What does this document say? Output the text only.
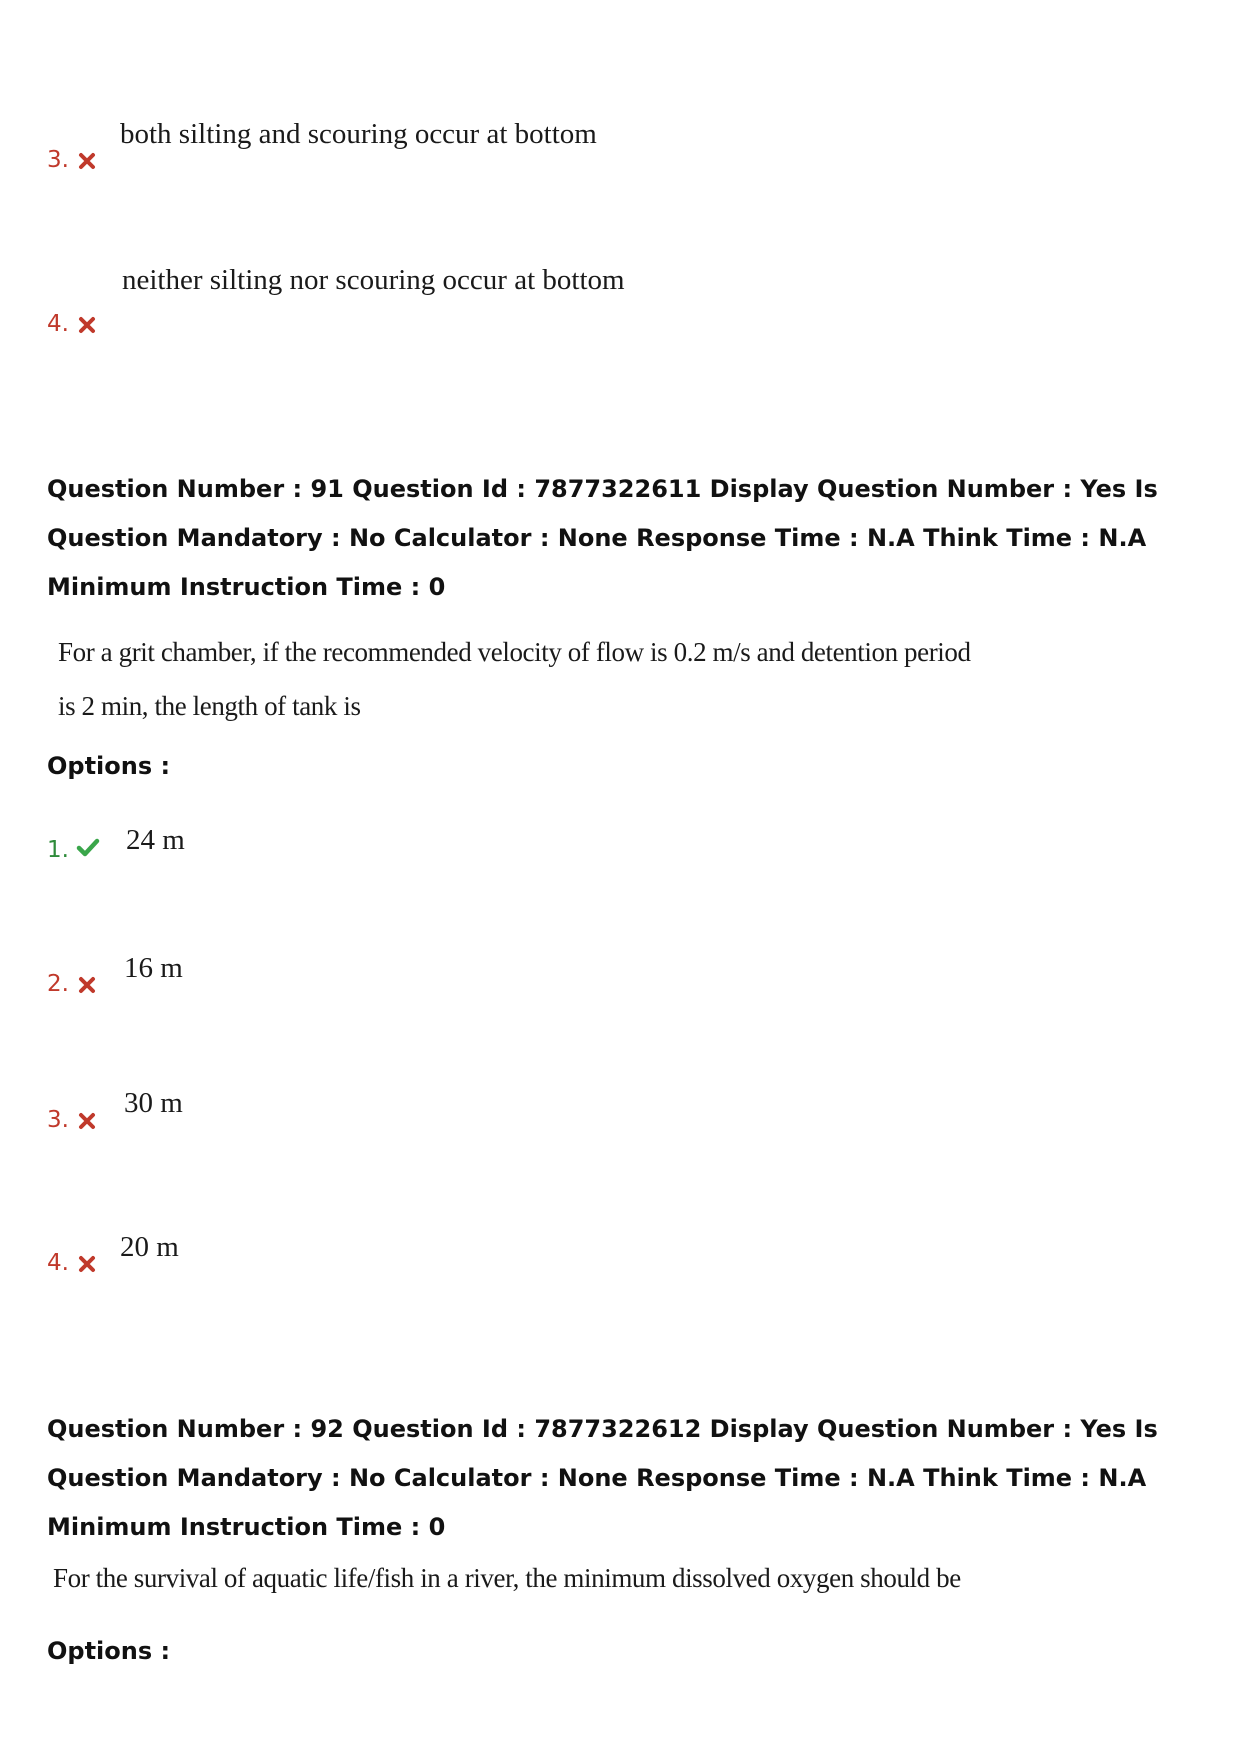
both silting and scouring occur at bottom
3.
neither silting nor scouring occur at bottom
4.

Question Number : 91 Question Id : 7877322611 Display Question Number : Yes Is Question Mandatory : No Calculator : None Response Time : N.A Think Time : N.A Minimum Instruction Time : 0

For a grit chamber, if the recommended velocity of flow is 0.2 m/s and detention period
is 2 min, the length of tank is
Options :
1. 24 m
2. 16 m
3.
30 m
4. 20 m

Question Number : 92 Question Id : 7877322612 Display Question Number : Yes Is Question Mandatory : No Calculator : None Response Time : N.A Think Time : N.A Minimum Instruction Time : 0

For the survival of aquatic life/fish in a river, the minimum dissolved oxygen should be
Options :
